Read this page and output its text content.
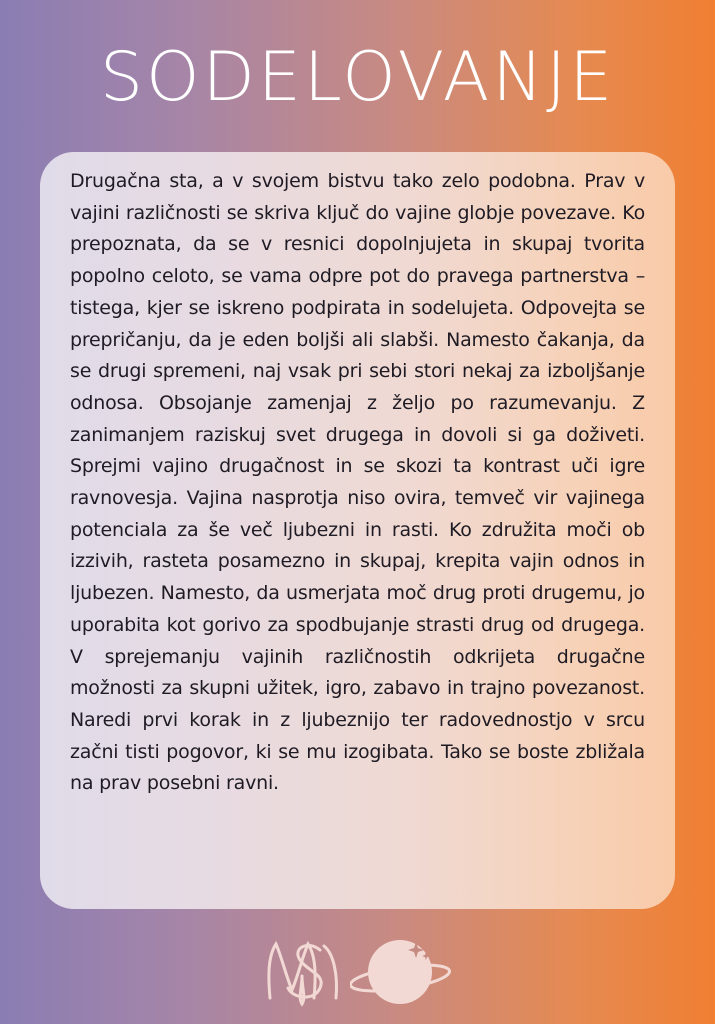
SODELOVANJE

Drugačna sta, a v svojem bistvu tako zelo podobna. Prav v vajini različnosti se skriva ključ do vajine globje povezave. Ko prepoznata, da se v resnici dopolnjujeta in skupaj tvorita popolno celoto, se vama odpre pot do pravega partnerstva – tistega, kjer se iskreno podpirata in sodelujeta. Odpovejta se prepričanju, da je eden boljši ali slabši. Namesto čakanja, da se drugi spremeni, naj vsak pri sebi stori nekaj za izboljšanje odnosa. Obsojanje zamenjaj z željo po razumevanju. Z zanimanjem raziskuj svet drugega in dovoli si ga doživeti. Sprejmi vajino drugačnost in se skozi ta kontrast uči igre ravnovesja. Vajina nasprotja niso ovira, temveč vir vajinega potenciala za še več ljubezni in rasti. Ko združita moči ob izzivih, rasteta posamezno in skupaj, krepita vajin odnos in ljubezen. Namesto, da usmerjata moč drug proti drugemu, jo uporabita kot gorivo za spodbujanje strasti drug od drugega. V sprejemanju vajinih različnostih odkrijeta drugačne možnosti za skupni užitek, igro, zabavo in trajno povezanost. Naredi prvi korak in z ljubeznijo ter radovednostjo v srcu začni tisti pogovor, ki se mu izogibata. Tako se boste zbližala na prav posebni ravni.
